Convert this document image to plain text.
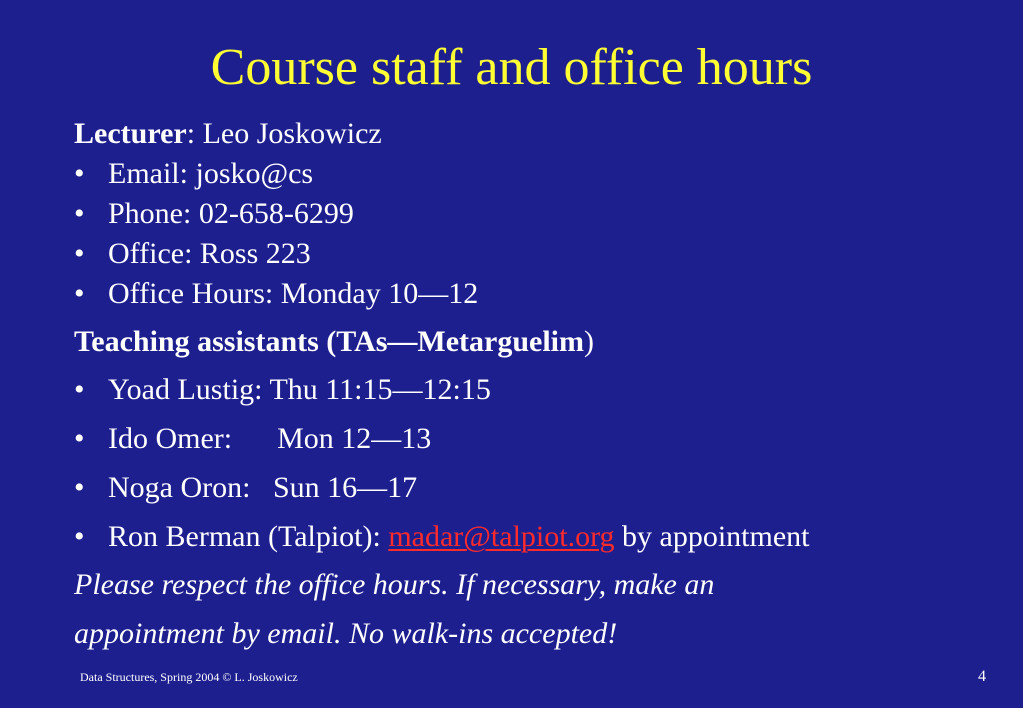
Course staff and office hours
Lecturer: Leo Joskowicz
• Email: josko@cs
• Phone: 02-658-6299
• Office: Ross 223
• Office Hours: Monday 10—12
Teaching assistants (TAs—Metarguelim)
• Yoad Lustig: Thu 11:15—12:15
• Ido Omer:      Mon 12—13
• Noga Oron:   Sun 16—17
• Ron Berman (Talpiot): madar@talpiot.org by appointment
Please respect the office hours. If necessary, make an
appointment by email. No walk-ins accepted!
Data Structures, Spring 2004 © L. Joskowicz	4
